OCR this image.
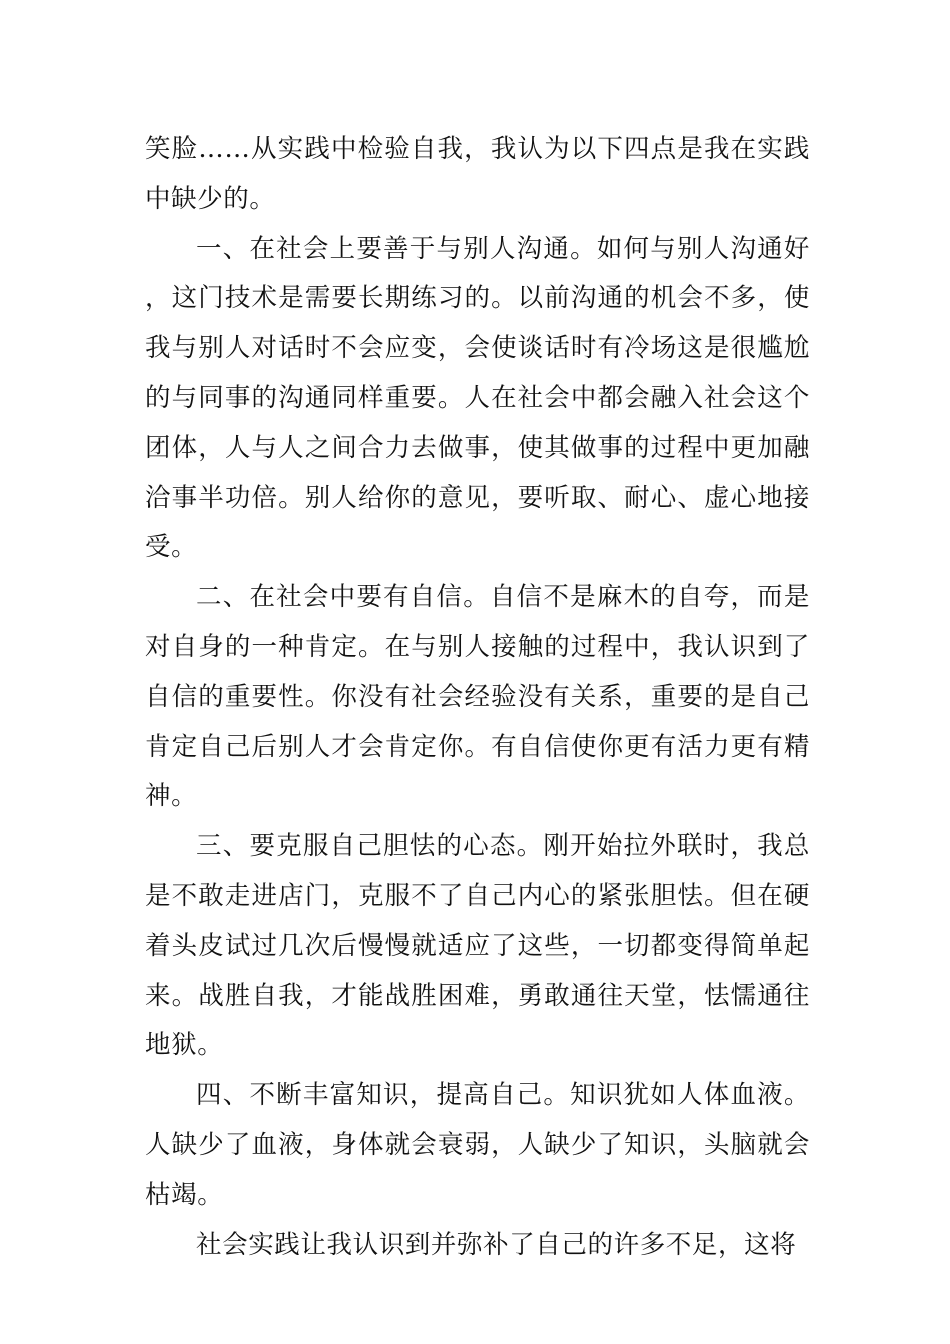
笑脸……从实践中检验自我，我认为以下四点是我在实践中缺少的。

一、在社会上要善于与别人沟通。如何与别人沟通好，这门技术是需要长期练习的。以前沟通的机会不多，使我与别人对话时不会应变，会使谈话时有冷场这是很尴尬的与同事的沟通同样重要。人在社会中都会融入社会这个团体，人与人之间合力去做事，使其做事的过程中更加融洽事半功倍。别人给你的意见，要听取、耐心、虚心地接受。

二、在社会中要有自信。自信不是麻木的自夸，而是对自身的一种肯定。在与别人接触的过程中，我认识到了自信的重要性。你没有社会经验没有关系，重要的是自己肯定自己后别人才会肯定你。有自信使你更有活力更有精神。

三、要克服自己胆怯的心态。刚开始拉外联时，我总是不敢走进店门，克服不了自己内心的紧张胆怯。但在硬着头皮试过几次后慢慢就适应了这些，一切都变得简单起来。战胜自我，才能战胜困难，勇敢通往天堂，怯懦通往地狱。

四、不断丰富知识，提高自己。知识犹如人体血液。人缺少了血液，身体就会衰弱，人缺少了知识，头脑就会枯竭。

社会实践让我认识到并弥补了自己的许多不足，这将
